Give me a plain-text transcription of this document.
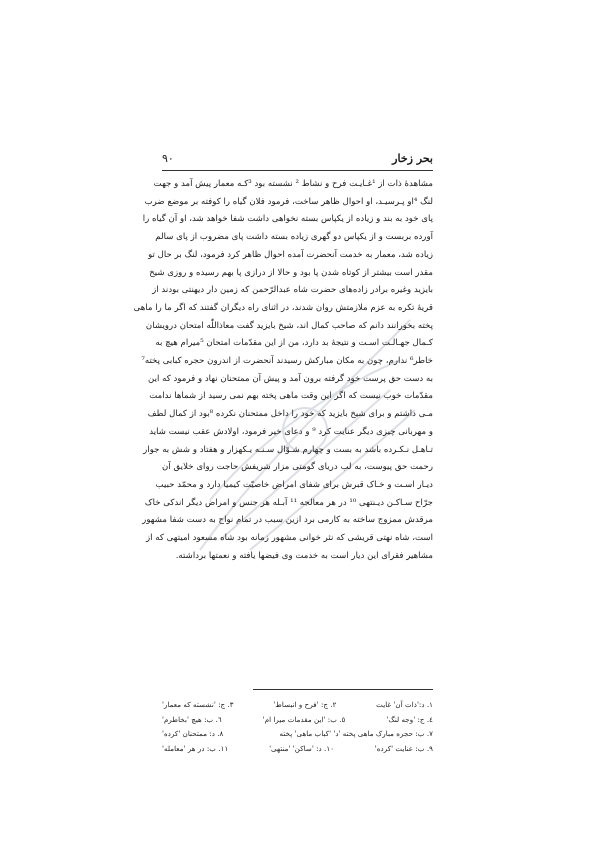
بحر زخار
۹۰
مشاهدهٔ ذات از ¹غـایـت فرح و نشاط ² نشسته بود ³کـه معمار پیش آمد و جهت
لنگ ⁴او پـرسیـد، او احوال ظاهر ساخت، فرمود فلان گیاه را کوفته بر موضع ضرب
پای خود به بند و زیاده از یکپاس بسته نخواهی داشت شفا خواهد شد، او آن گیاه را
آورده بربست و از یکپاس دو گهری زیاده بسته داشت پای مضروب از پای سالم
زیاده شد، معمار به خدمت آنحضرت آمده احوال ظاهر کرد فرمود، لنگ بر حال تو
مقدر است بیشتر از کوتاه شدن پا بود و حالا از درازی پا بهم رسیده و روزی شیخ
بایزید وغیره برادر زاده‌های حضرت شاه عبدالرّحمن که زمین دار دیهنتی بودند از
قریهٔ تکره به عزم ملازمتش روان شدند، در اثنای راه دیگران گفتند که اگر ما را ماهی
پخته بخورانند دانم که صاحب کمال اند، شیخ بایزید گفت معاذاللّٰه امتحان درویشان
کـمال جهـالـت اسـت و نتیجهٔ بد دارد، من از این مقدّمات امتحان ⁵میرام هیچ به
خاطر⁶ ندارم، چون به مکان مبارکش رسیدند آنحضرت از اندرون حجره کبابی پخته⁷
به دست حق پرست خود گرفته برون آمد و پیش آن ممتحنان نهاد و فرمود که این
مقدّمات خوب نیست که اگر این وقت ماهی پخته بهم نمی رسید از شماها ندامت
مـی داشتم و برای شیخ بایزید که خود را داخل ممتحنان نکرده ⁸بود از کمال لطف
و مهربانی چیزی دیگر عنایت کرد ⁹ و دعای خیر فرمود، اولادش عقب نیست شاید
تـاهـل نـکـرده باشد به بست و چهارم شـوّال سـنـه یـکهزار و هفتاد و شش به جوار
رحمت حق پیوست، به لب دریای گومتی مزار شریفش حاجت روای خلایق آن
دیـار اسـت و خـاک قبرش برای شفای امراض خاصیّت کیمیا دارد و محمّد حبیب
جرّاح سـاکـن دیـنتهی ¹⁰ در هر معالجه ¹¹ آبـله هر جنس و امراض دیگر اندکی خاک
مرقدش ممزوج ساخته به کارمی برد ازین سبب در تمام نواح به دست شفا مشهور
است، شاه نهتی قریشی که نثر خوانی مشهور زمانه بود شاه مسعود امیتهی که از
مشاهیر فقرای این دیار است به خدمت وی فیضها یافته و نعمتها برداشته.
۱. د:'ذات آن' غایت
۲. ج: 'فرح و انبساط'
۳. ج: 'نشسته که معمار'
٤. ج: 'وجه لنگ'
٥. ب: 'این مقدمات میرا ام'
٦. ب: هیچ 'بخاطرم'
۷. ب: حجره مبارک ماهی پخته 'د' 'کباب ماهی' پخته
۸. د: ممتحنان 'کرده'
۹. ب: عنایت 'کرده'
۱۰. د: 'ساکن' 'منتهی'
۱۱. ب: در هر 'معامله'
